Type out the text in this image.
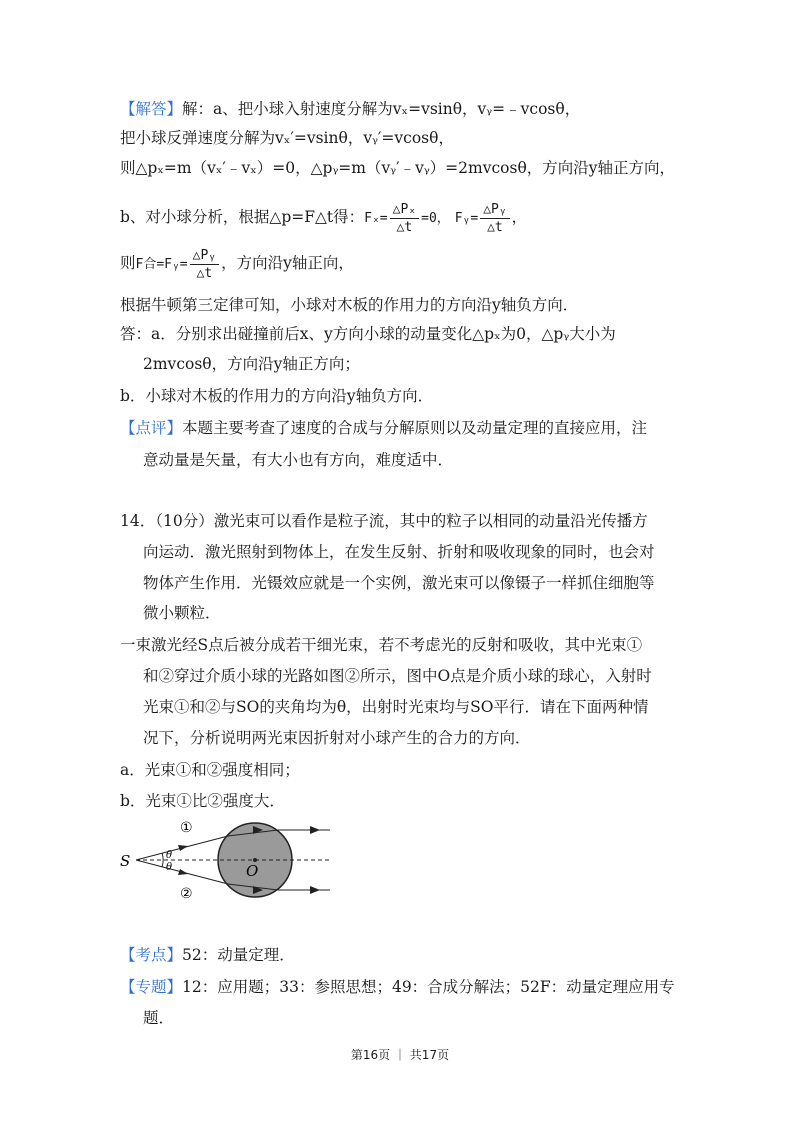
【解答】解：a、把小球入射速度分解为vₓ=vsinθ，vᵧ=﹣vcosθ，
把小球反弹速度分解为vₓ′=vsinθ，vᵧ′=vcosθ，
则△pₓ=m（vₓ′﹣vₓ）=0，△pᵧ=m（vᵧ′﹣vᵧ）=2mvcosθ，方向沿y轴正方向，
b、对小球分析，根据△p=F△t得：$F_x= \frac{\text{△Pₓ}}{\triangle t} =0$， Fᵧ= $\frac{\text{△Pᵧ}}{\triangle t}$ ，
则F合=Fᵧ= $\frac{\text{△Pᵧ}}{\triangle t}$ ，方向沿y轴正向，
根据牛顿第三定律可知，小球对木板的作用力的方向沿y轴负方向．
答：a．分别求出碰撞前后x、y方向小球的动量变化△pₓ为0，△pᵧ大小为
2mvcosθ，方向沿y轴正方向；
b．小球对木板的作用力的方向沿y轴负方向．
【点评】本题主要考查了速度的合成与分解原则以及动量定理的直接应用，注
意动量是矢量，有大小也有方向，难度适中．
14．（10分）激光束可以看作是粒子流，其中的粒子以相同的动量沿光传播方
向运动．激光照射到物体上，在发生反射、折射和吸收现象的同时，也会对
物体产生作用．光镊效应就是一个实例，激光束可以像镊子一样抓住细胞等
微小颗粒．
一束激光经S点后被分成若干细光束，若不考虑光的反射和吸收，其中光束①
和②穿过介质小球的光路如图②所示，图中O点是介质小球的球心，入射时
光束①和②与SO的夹角均为θ，出射时光束均与SO平行．请在下面两种情
况下，分析说明两光束因折射对小球产生的合力的方向．
a．光束①和②强度相同；
b．光束①比②强度大．
S
O
①
②
θ
θ
【考点】52：动量定理．
【专题】12：应用题；33：参照思想；49：合成分解法；52F：动量定理应用专
题．
第16页 ｜ 共17页
